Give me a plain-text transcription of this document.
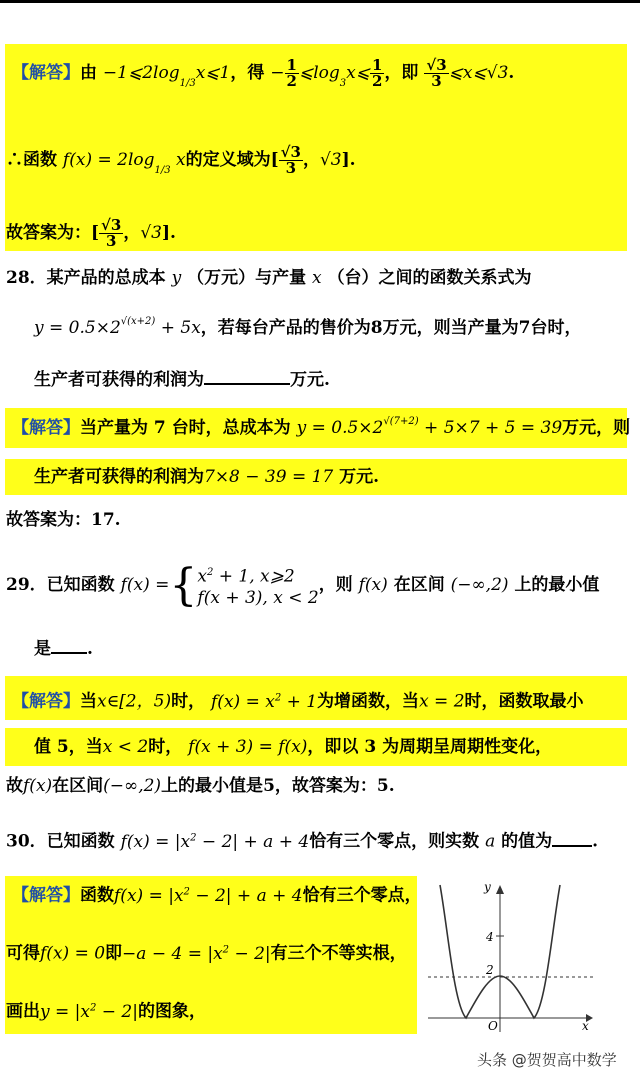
【解答】由 $-1⩽2\log_{1/3}x⩽1$，得 − $\frac{1}{2}$ $⩽\log_3x⩽ \frac{1}{2}$ ，即 $\frac{√3}{3}$ ⩽x⩽√3.
∴函数 $f(x) = 2\log_{1/3}$ x的定义域为[ $\frac{√3}{3}$ ，√3].
故答案为：[ $\frac{√3}{3}$ ，√3].
28．某产品的总成本 y （万元）与产量 x （台）之间的函数关系式为
$y = 0.5\times 2^{√(x+2)} + 5x$，若每台产品的售价为8万元，则当产量为7台时，
生产者可获得的利润为	万元.
【解答】当产量为 7 台时，总成本为 $y = 0.5\times 2^{√(7+2)} + 5\times 7 + 5 = 39$万元，则
生产者可获得的利润为7×8 − 39 = 17 万元.
故答案为：17.
29．已知函数 $f(x) =\{x^2 + 1$, x⩾2
f(x + 3), x < 2，则 f(x) 在区间 (−∞,2) 上的最小值
是 .
【解答】当x∈[2，5)时， $f(x) = x^2 + 1$为增函数，当x = 2时，函数取最小
值 5，当x < 2时， f(x + 3) = f(x)，即以 3 为周期呈周期性变化，
故f(x)在区间(−∞,2)上的最小值是5，故答案为：5.
30．已知函数 $f(x) = |x^2 - 2| + a + 4$恰有三个零点，则实数 a 的值为 .
【解答】函数$f(x) = |x^2 - 2| + a + 4$恰有三个零点，
可得f(x) = 0即$-a - 4 = |x^2 - 2|$有三个不等实根，
画出$y = |x^2 - 2|$的图象，
y
x
O
4
2
头条 @贺贺高中数学
